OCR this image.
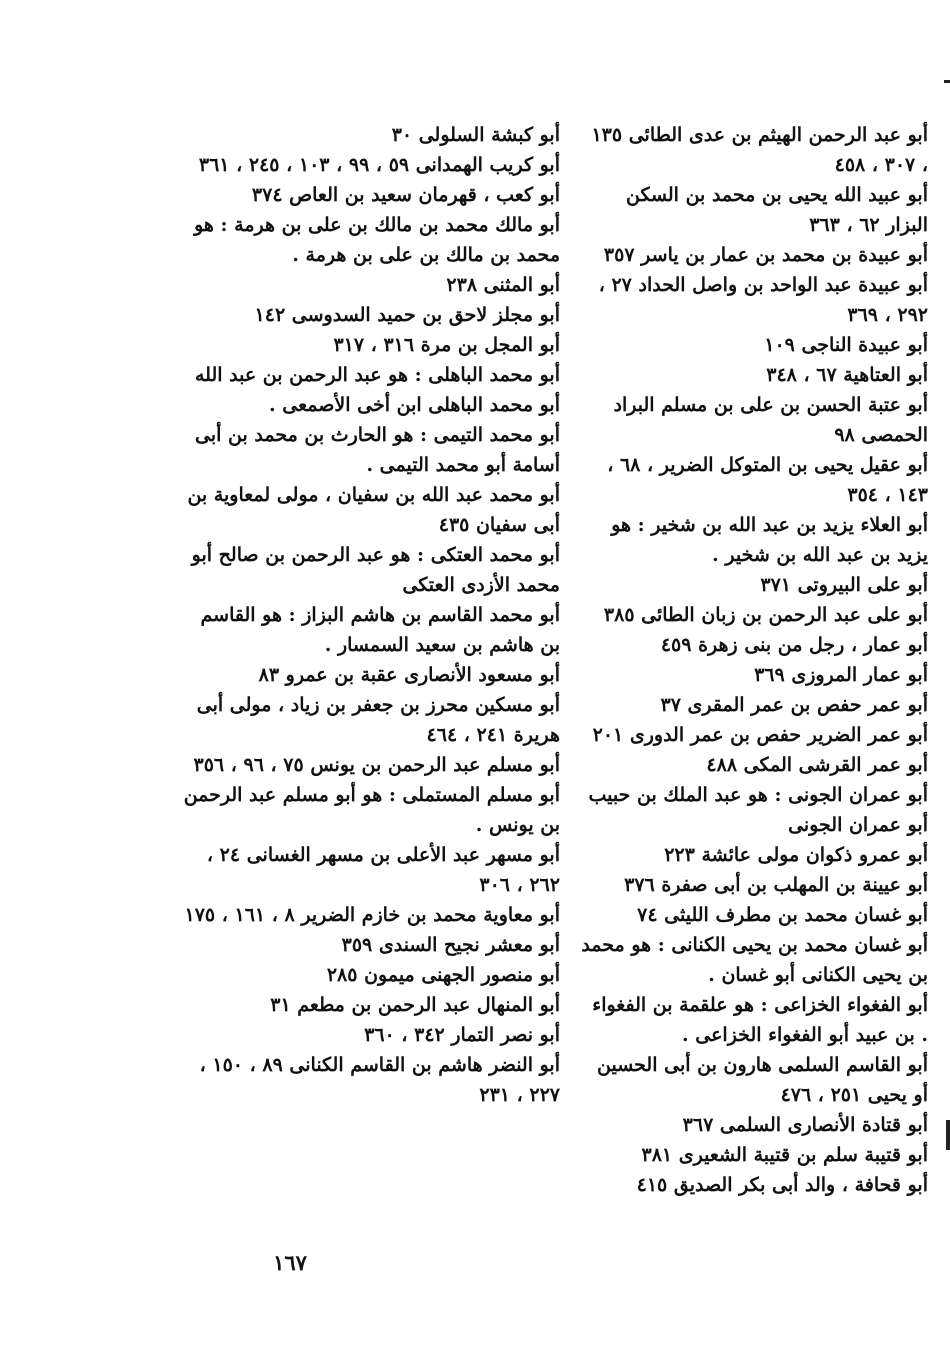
أبو عبد الرحمن الهيثم بن عدى الطائى ١٣٥ ، ٣٠٧ ، ٤٥٨
أبو عبيد الله يحيى بن محمد بن السكن البزار ٦٢ ، ٣٦٣
أبو عبيدة بن محمد بن عمار بن ياسر ٣٥٧
أبو عبيدة عبد الواحد بن واصل الحداد ٢٧ ، ٢٩٢ ، ٣٦٩
أبو عبيدة الناجى ١٠٩
أبو العتاهية ٦٧ ، ٣٤٨
أبو عتبة الحسن بن على بن مسلم البراد الحمصى ٩٨
أبو عقيل يحيى بن المتوكل الضرير ، ٦٨ ، ١٤٣ ، ٣٥٤
أبو العلاء يزيد بن عبد الله بن شخير : هو يزيد بن عبد الله بن شخير .
أبو على البيروتى ٣٧١
أبو على عبد الرحمن بن زبان الطائى ٣٨٥
أبو عمار ، رجل من بنى زهرة ٤٥٩
أبو عمار المروزى ٣٦٩
أبو عمر حفص بن عمر المقرى ٣٧
أبو عمر الضرير حفص بن عمر الدورى ٢٠١
أبو عمر القرشى المكى ٤٨٨
أبو عمران الجونى : هو عبد الملك بن حبيب أبو عمران الجونى
أبو عمرو ذكوان مولى عائشة ٢٢٣
أبو عيينة بن المهلب بن أبى صفرة ٣٧٦
أبو غسان محمد بن مطرف الليثى ٧٤
أبو غسان محمد بن يحيى الكنانى : هو محمد بن يحيى الكنانى أبو غسان .
أبو الفغواء الخزاعى : هو علقمة بن الفغواء . بن عبيد أبو الفغواء الخزاعى .
أبو القاسم السلمى هارون بن أبى الحسين أو يحيى ٢٥١ ، ٤٧٦
أبو قتادة الأنصارى السلمى ٣٦٧
أبو قتيبة سلم بن قتيبة الشعيرى ٣٨١
أبو قحافة ، والد أبى بكر الصديق ٤١٥
أبو كبشة السلولى ٣٠
أبو كريب الهمدانى ٥٩ ، ٩٩ ، ١٠٣ ، ٢٤٥ ، ٣٦١
أبو كعب ، قهرمان سعيد بن العاص ٣٧٤
أبو مالك محمد بن مالك بن على بن هرمة : هو محمد بن مالك بن على بن هرمة .
أبو المثنى ٢٣٨
أبو مجلز لاحق بن حميد السدوسى ١٤٢
أبو المجل بن مرة ٣١٦ ، ٣١٧
أبو محمد الباهلى : هو عبد الرحمن بن عبد الله أبو محمد الباهلى ابن أخى الأصمعى .
أبو محمد التيمى : هو الحارث بن محمد بن أبى أسامة أبو محمد التيمى .
أبو محمد عبد الله بن سفيان ، مولى لمعاوية بن أبى سفيان ٤٣٥
أبو محمد العتكى : هو عبد الرحمن بن صالح أبو محمد الأزدى العتكى
أبو محمد القاسم بن هاشم البزاز : هو القاسم بن هاشم بن سعيد السمسار .
أبو مسعود الأنصارى عقبة بن عمرو ٨٣
أبو مسكين محرز بن جعفر بن زياد ، مولى أبى هريرة ٢٤١ ، ٤٦٤
أبو مسلم عبد الرحمن بن يونس ٧٥ ، ٩٦ ، ٣٥٦
أبو مسلم المستملى : هو أبو مسلم عبد الرحمن بن يونس .
أبو مسهر عبد الأعلى بن مسهر الغسانى ٢٤ ، ٢٦٢ ، ٣٠٦
أبو معاوية محمد بن خازم الضرير ٨ ، ١٦١ ، ١٧٥
أبو معشر نجيح السندى ٣٥٩
أبو منصور الجهنى ميمون ٢٨٥
أبو المنهال عبد الرحمن بن مطعم ٣١
أبو نصر التمار ٣٤٢ ، ٣٦٠
أبو النضر هاشم بن القاسم الكنانى ٨٩ ، ١٥٠ ، ٢٢٧ ، ٢٣١
١٦٧
